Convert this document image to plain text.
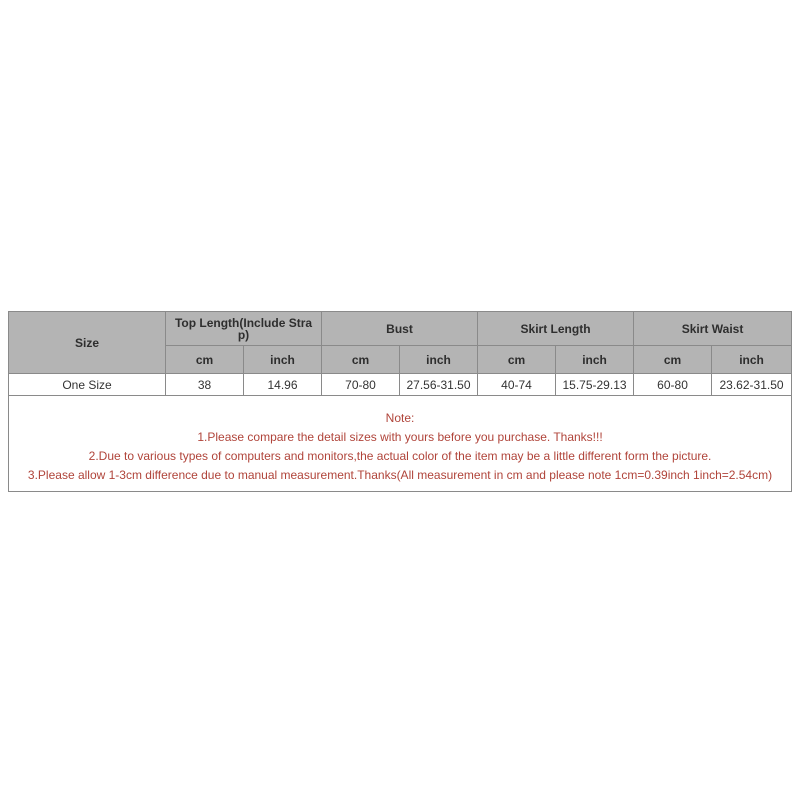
Size	Top Length(Include Strap)		Bust		Skirt Length		Skirt Waist	

	cm	inch	cm	inch	cm	inch	cm	inch
One Size	38	14.96	70-80	27.56-31.50	40-74	15.75-29.13	60-80	23.62-31.50

Note:
1.Please compare the detail sizes with yours before you purchase. Thanks!!!
2.Due to various types of computers and monitors,the actual color of the item may be a little different form the picture.
3.Please allow 1-3cm difference due to manual measurement.Thanks(All measurement in cm and please note 1cm=0.39inch 1inch=2.54cm)								
